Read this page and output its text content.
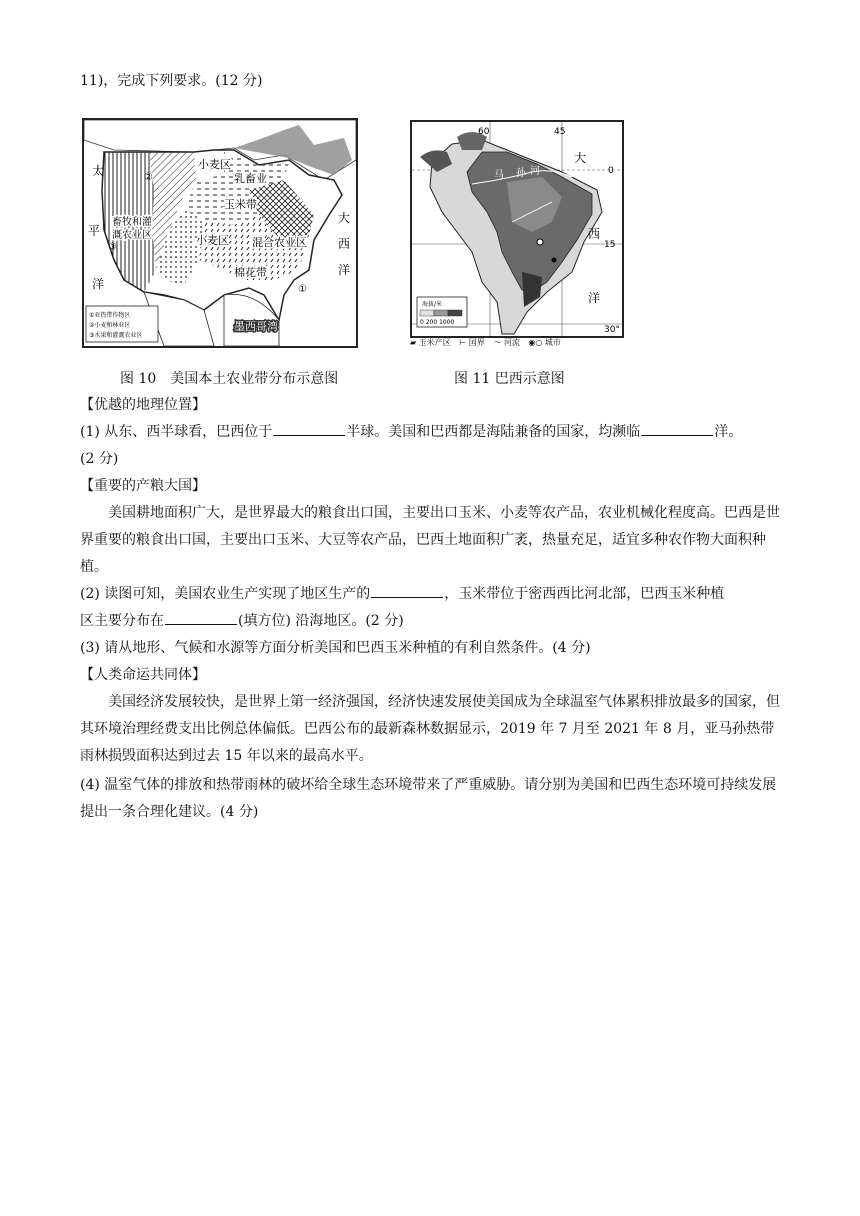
11)，完成下列要求。(12 分)
太
平
洋
大
西
洋
小麦区
乳畜业
玉米带
小麦区 混合农业区
棉花带
畜牧和灌
溉农业区
墨西哥湾
③
①
②
①亚热带作物区
②小麦和林业区
③水果和灌溉农业区
60	45
0
15
30°
大
西
洋
马 孙 河
海拔/米
0 200 1000
▰ 玉米产区 ⊢ 国界 ～ 河流 ◉○ 城市
图 10　美国本土农业带分布示意图	图 11 巴西示意图
【优越的地理位置】
(1) 从东、西半球看，巴西位于	半球。美国和巴西都是海陆兼备的国家，均濒临	洋。
(2 分)
【重要的产粮大国】

美国耕地面积广大，是世界最大的粮食出口国，主要出口玉米、小麦等农产品，农业机械化程度高。巴西是世界重要的粮食出口国，主要出口玉米、大豆等农产品，巴西土地面积广袤，热量充足，适宜多种农作物大面积种植。

(2) 读图可知，美国农业生产实现了地区生产的	，玉米带位于密西西比河北部，巴西玉米种植
区主要分布在	(填方位) 沿海地区。(2 分)
(3) 请从地形、气候和水源等方面分析美国和巴西玉米种植的有利自然条件。(4 分)
【人类命运共同体】

美国经济发展较快，是世界上第一经济强国，经济快速发展使美国成为全球温室气体累积排放最多的国家，但其环境治理经费支出比例总体偏低。巴西公布的最新森林数据显示，2019 年 7 月至 2021 年 8 月，亚马孙热带雨林损毁面积达到过去 15 年以来的最高水平。

(4) 温室气体的排放和热带雨林的破坏给全球生态环境带来了严重威胁。请分别为美国和巴西生态环境可持续发展提出一条合理化建议。(4 分)
